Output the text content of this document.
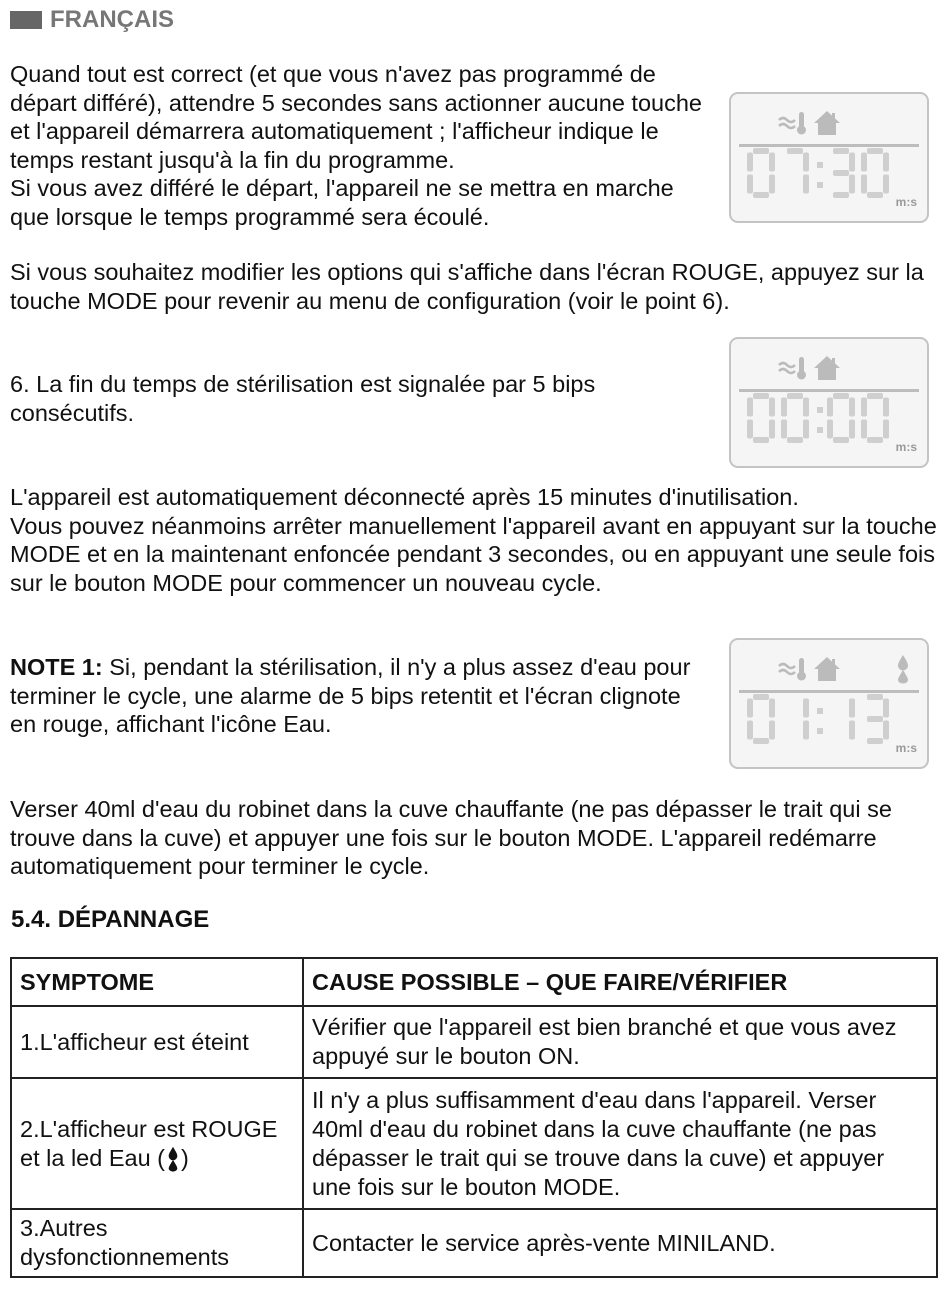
FRANÇAIS

Quand tout est correct (et que vous n'avez pas programmé de départ différé), attendre 5 secondes sans actionner aucune touche et l'appareil démarrera automatiquement ; l'afficheur indique le temps restant jusqu'à la fin du programme.

Si vous avez différé le départ, l'appareil ne se mettra en marche que lorsque le temps programmé sera écoulé.

m:s

Si vous souhaitez modifier les options qui s'affiche dans l'écran ROUGE, appuyez sur la touche MODE pour revenir au menu de configuration (voir le point 6).

6. La fin du temps de stérilisation est signalée par 5 bips consécutifs.

m:s

L'appareil est automatiquement déconnecté après 15 minutes d'inutilisation.

Vous pouvez néanmoins arrêter manuellement l'appareil avant en appuyant sur la touche MODE et en la maintenant enfoncée pendant 3 secondes, ou en appuyant une seule fois sur le bouton MODE pour commencer un nouveau cycle.

NOTE 1: Si, pendant la stérilisation, il n'y a plus assez d'eau pour terminer le cycle, une alarme de 5 bips retentit et l'écran clignote en rouge, affichant l'icône Eau.

m:s

Verser 40ml d'eau du robinet dans la cuve chauffante (ne pas dépasser le trait qui se trouve dans la cuve) et appuyer une fois sur le bouton MODE. L'appareil redémarre automatiquement pour terminer le cycle.

5.4. DÉPANNAGE
SYMPTOME	CAUSE POSSIBLE – QUE FAIRE/VÉRIFIER
1.L'afficheur est éteint	Vérifier que l'appareil est bien branché et que vous avez appuyé sur le bouton ON.
2.L'afficheur est ROUGE
et la led Eau ( )	Il n'y a plus suffisamment d'eau dans l'appareil. Verser 40ml d'eau du robinet dans la cuve chauffante (ne pas dépasser le trait qui se trouve dans la cuve) et appuyer une fois sur le bouton MODE.
3.Autres dysfonctionnements	Contacter le service après-vente MINILAND.
